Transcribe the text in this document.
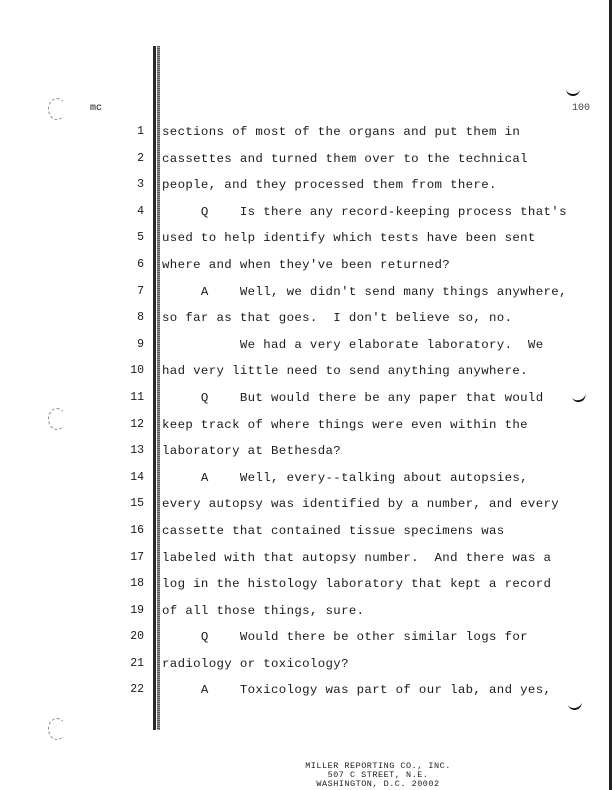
mc	100
1 sections of most of the organs and put them in
2 cassettes and turned them over to the technical
3 people, and they processed them from there.
4 Q    Is there any record-keeping process that's
5 used to help identify which tests have been sent
6 where and when they've been returned?
7 A    Well, we didn't send many things anywhere,
8 so far as that goes.  I don't believe so, no.
9 We had a very elaborate laboratory.  We
10 had very little need to send anything anywhere.
11 Q    But would there be any paper that would
12 keep track of where things were even within the
13 laboratory at Bethesda?
14 A    Well, every--talking about autopsies,
15 every autopsy was identified by a number, and every
16 cassette that contained tissue specimens was
17 labeled with that autopsy number.  And there was a
18 log in the histology laboratory that kept a record
19 of all those things, sure.
20 Q    Would there be other similar logs for
21 radiology or toxicology?
22 A    Toxicology was part of our lab, and yes,
MILLER REPORTING CO., INC.
507 C STREET, N.E.
WASHINGTON, D.C. 20002
